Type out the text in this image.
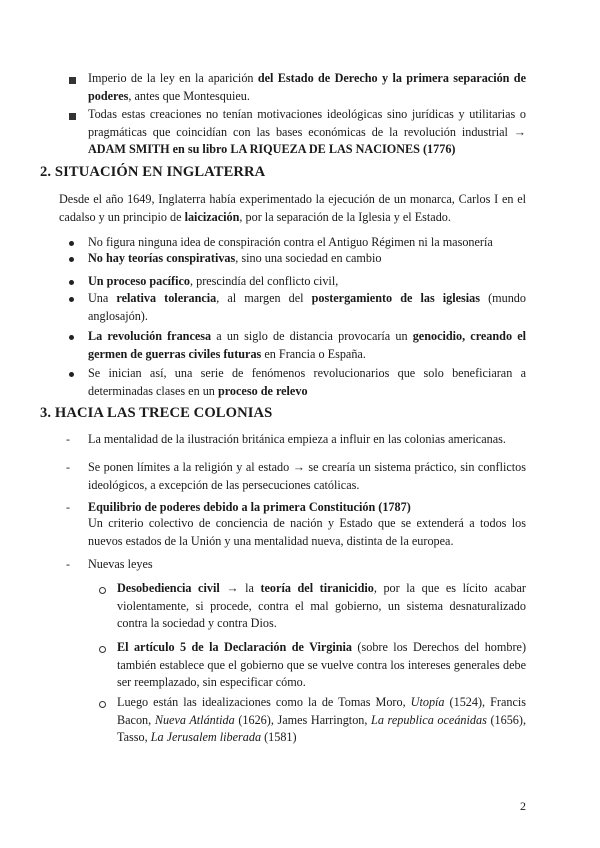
Imperio de la ley en la aparición del Estado de Derecho y la primera separación de poderes, antes que Montesquieu.
Todas estas creaciones no tenían motivaciones ideológicas sino jurídicas y utilitarias o pragmáticas que coincidían con las bases económicas de la revolución industrial → ADAM SMITH en su libro LA RIQUEZA DE LAS NACIONES (1776)
2. SITUACIÓN EN INGLATERRA
Desde el año 1649, Inglaterra había experimentado la ejecución de un monarca, Carlos I en el cadalso y un principio de laicización, por la separación de la Iglesia y el Estado.
No figura ninguna idea de conspiración contra el Antiguo Régimen ni la masonería
No hay teorías conspirativas, sino una sociedad en cambio
Un proceso pacífico, prescindía del conflicto civil,
Una relativa tolerancia, al margen del postergamiento de las iglesias (mundo anglosajón).
La revolución francesa a un siglo de distancia provocaría un genocidio, creando el germen de guerras civiles futuras en Francia o España.
Se inician así, una serie de fenómenos revolucionarios que solo beneficiaran a determinadas clases en un proceso de relevo
3. HACIA LAS TRECE COLONIAS
- La mentalidad de la ilustración británica empieza a influir en las colonias americanas.
- Se ponen límites a la religión y al estado → se crearía un sistema práctico, sin conflictos ideológicos, a excepción de las persecuciones católicas.
- Equilibrio de poderes debido a la primera Constitución (1787)
Un criterio colectivo de conciencia de nación y Estado que se extenderá a todos los nuevos estados de la Unión y una mentalidad nueva, distinta de la europea.
- Nuevas leyes
Desobediencia civil → la teoría del tiranicidio, por la que es lícito acabar violentamente, si procede, contra el mal gobierno, un sistema desnaturalizado contra la sociedad y contra Dios.
El artículo 5 de la Declaración de Virginia (sobre los Derechos del hombre) también establece que el gobierno que se vuelve contra los intereses generales debe ser reemplazado, sin especificar cómo.
Luego están las idealizaciones como la de Tomas Moro, Utopía (1524), Francis Bacon, Nueva Atlántida (1626), James Harrington, La republica oceánidas (1656), Tasso, La Jerusalem liberada (1581)
2
